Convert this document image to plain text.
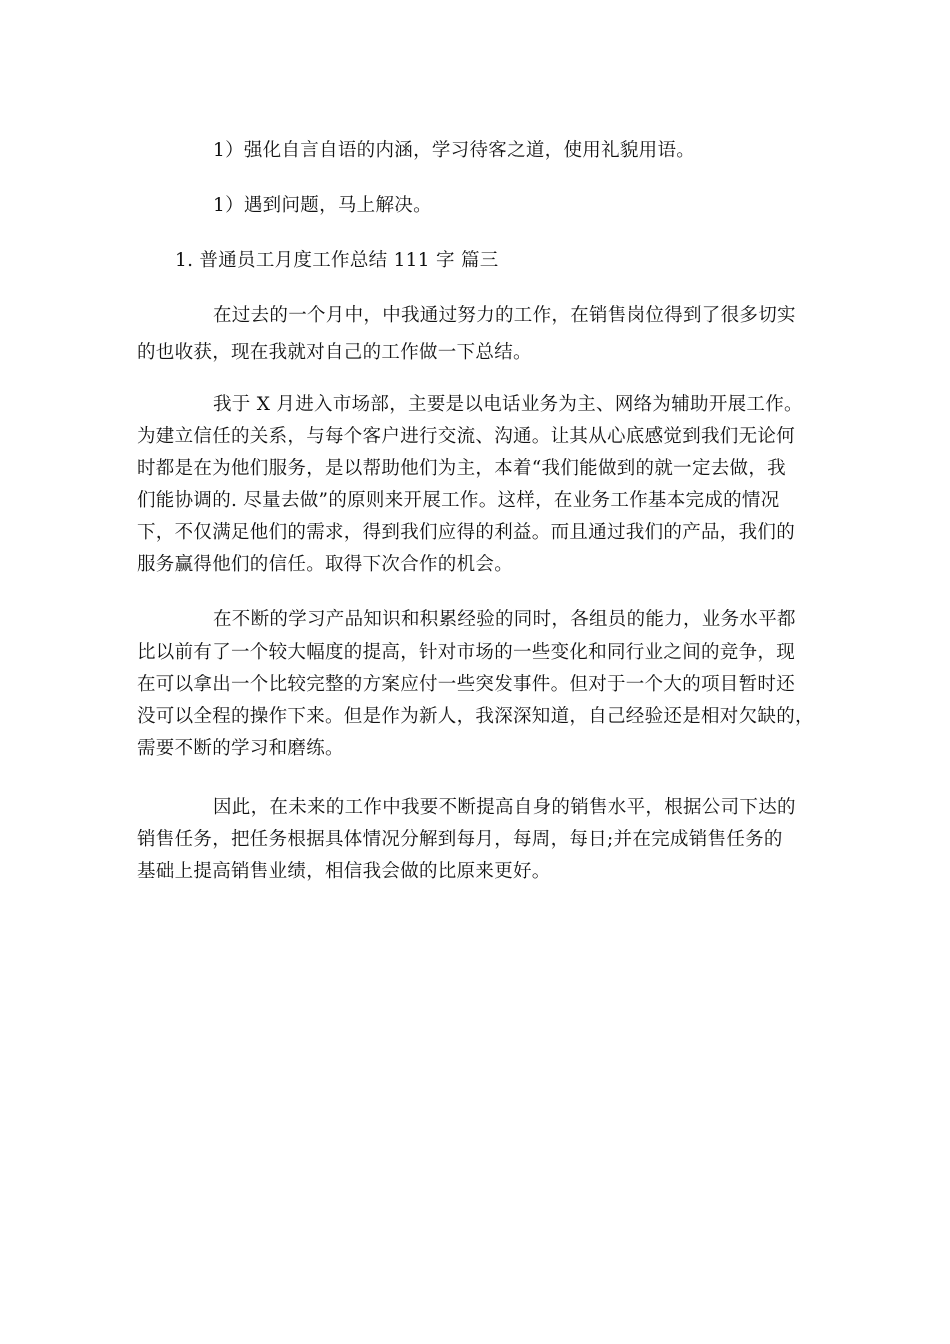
1）强化自言自语的内涵，学习待客之道，使用礼貌用语。
1）遇到问题，马上解决。
1. 普通员工月度工作总结 111 字 篇三
在过去的一个月中，中我通过努力的工作，在销售岗位得到了很多切实
的也收获，现在我就对自己的工作做一下总结。
我于 X 月进入市场部，主要是以电话业务为主、网络为辅助开展工作。
为建立信任的关系，与每个客户进行交流、沟通。让其从心底感觉到我们无论何
时都是在为他们服务，是以帮助他们为主，本着“我们能做到的就一定去做，我
们能协调的. 尽量去做”的原则来开展工作。这样，在业务工作基本完成的情况
下，不仅满足他们的需求，得到我们应得的利益。而且通过我们的产品，我们的
服务赢得他们的信任。取得下次合作的机会。
在不断的学习产品知识和积累经验的同时，各组员的能力，业务水平都
比以前有了一个较大幅度的提高，针对市场的一些变化和同行业之间的竞争，现
在可以拿出一个比较完整的方案应付一些突发事件。但对于一个大的项目暂时还
没可以全程的操作下来。但是作为新人，我深深知道，自己经验还是相对欠缺的，
需要不断的学习和磨练。
因此，在未来的工作中我要不断提高自身的销售水平，根据公司下达的
销售任务，把任务根据具体情况分解到每月，每周，每日;并在完成销售任务的
基础上提高销售业绩，相信我会做的比原来更好。
